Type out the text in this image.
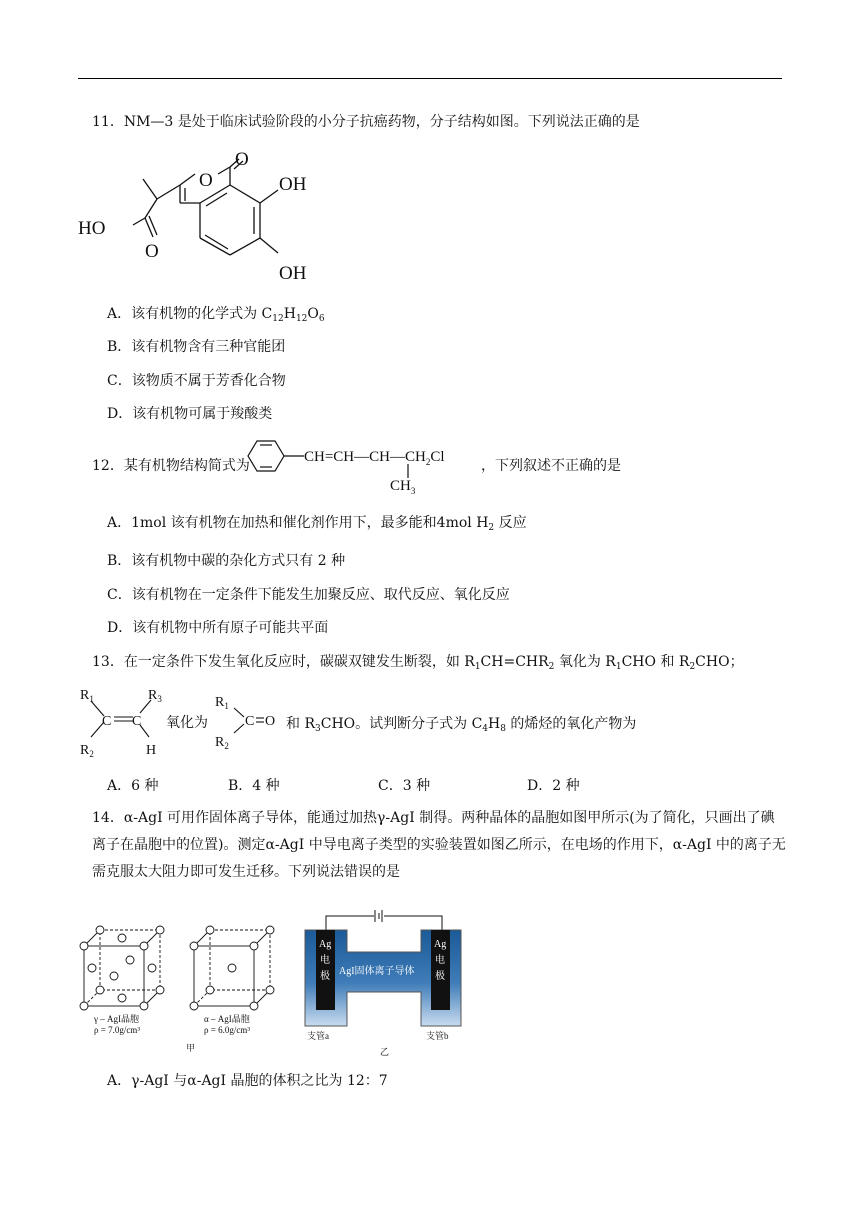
11．NM—3 是处于临床试验阶段的小分子抗癌药物，分子结构如图。下列说法正确的是
O
O
OH
OH
HO
O
A．该有机物的化学式为 $C_{12}H_{12}O_6$
B．该有机物含有三种官能团
C．该物质不属于芳香化合物
D．该有机物可属于羧酸类
12．某有机物结构简式为
$CH=CH—CH—CH_2Cl$
$CH_3$
，下列叙述不正确的是
A．1mol 该有机物在加热和催化剂作用下，最多能和4mol $H_2$ 反应
B．该有机物中碳的杂化方式只有 2 种
C．该有机物在一定条件下能发生加聚反应、取代反应、氧化反应
D．该有机物中所有原子可能共平面
13．在一定条件下发生氧化反应时，碳碳双键发生断裂，如 $R_1CH=CHR_2$ 氧化为 $R_1CHO$ 和 $R_2CHO$；
$R_1$	$R_3$
C C
$R_2$	H
氧化为
$R_1$
$R_2$
C O 和 $R_3CHO$。试判断分子式为 $C_4H_8$ 的烯烃的氧化产物为
A．6 种	B．4 种	C．3 种	D．2 种
14．α-AgI 可用作固体离子导体，能通过加热γ-AgI 制得。两种晶体的晶胞如图甲所示(为了简化，只画出了碘离子在晶胞中的位置)。测定α-AgI 中导电离子类型的实验装置如图乙所示，在电场的作用下，α-AgI 中的离子无需克服太大阻力即可发生迁移。下列说法错误的是
γ – AgI晶胞
ρ = 7.0g/cm³
α – AgI晶胞
ρ = 6.0g/cm³
甲
Ag
电
极
Ag
电
极
AgI固体离子导体
支管a	支管b
乙
A．γ-AgI 与α-AgI 晶胞的体积之比为 12：7
